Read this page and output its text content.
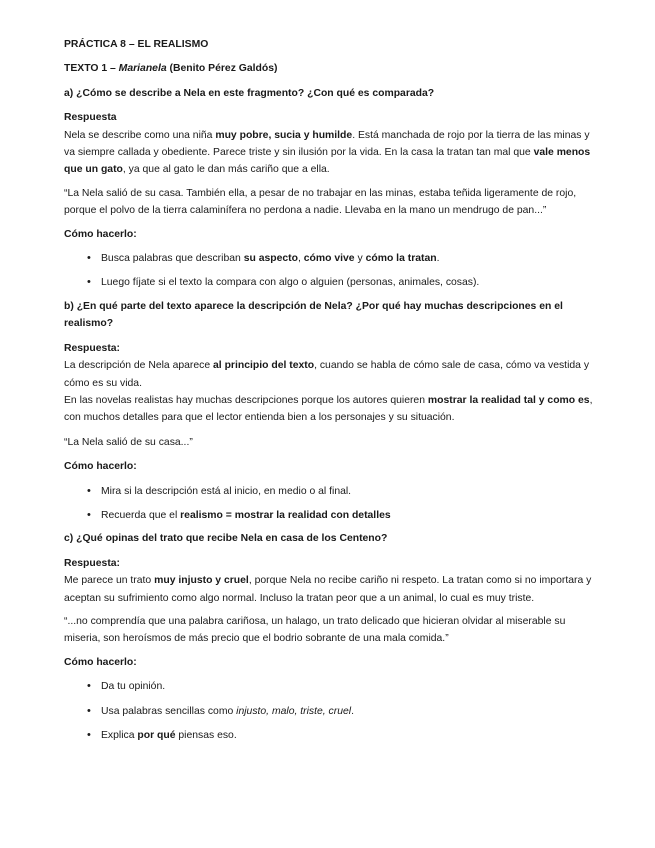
PRÁCTICA 8 – EL REALISMO

TEXTO 1 – Marianela (Benito Pérez Galdós)

a) ¿Cómo se describe a Nela en este fragmento? ¿Con qué es comparada?

Respuesta

Nela se describe como una niña muy pobre, sucia y humilde. Está manchada de rojo por la tierra de las minas y va siempre callada y obediente. Parece triste y sin ilusión por la vida. En la casa la tratan tan mal que vale menos que un gato, ya que al gato le dan más cariño que a ella.

“La Nela salió de su casa. También ella, a pesar de no trabajar en las minas, estaba teñida ligeramente de rojo, porque el polvo de la tierra calaminífera no perdona a nadie. Llevaba en la mano un mendrugo de pan...”

Cómo hacerlo:

• Busca palabras que describan su aspecto, cómo vive y cómo la tratan.
• Luego fíjate si el texto la compara con algo o alguien (personas, animales, cosas).

b) ¿En qué parte del texto aparece la descripción de Nela? ¿Por qué hay muchas descripciones en el realismo?

Respuesta:

La descripción de Nela aparece al principio del texto, cuando se habla de cómo sale de casa, cómo va vestida y cómo es su vida.

En las novelas realistas hay muchas descripciones porque los autores quieren mostrar la realidad tal y como es, con muchos detalles para que el lector entienda bien a los personajes y su situación.

“La Nela salió de su casa...”

Cómo hacerlo:

• Mira si la descripción está al inicio, en medio o al final.
• Recuerda que el realismo = mostrar la realidad con detalles

c) ¿Qué opinas del trato que recibe Nela en casa de los Centeno?

Respuesta:

Me parece un trato muy injusto y cruel, porque Nela no recibe cariño ni respeto. La tratan como si no importara y aceptan su sufrimiento como algo normal. Incluso la tratan peor que a un animal, lo cual es muy triste.

“...no comprendía que una palabra cariñosa, un halago, un trato delicado que hicieran olvidar al miserable su miseria, son heroísmos de más precio que el bodrio sobrante de una mala comida.”

Cómo hacerlo:

• Da tu opinión.
• Usa palabras sencillas como injusto, malo, triste, cruel.
• Explica por qué piensas eso.
